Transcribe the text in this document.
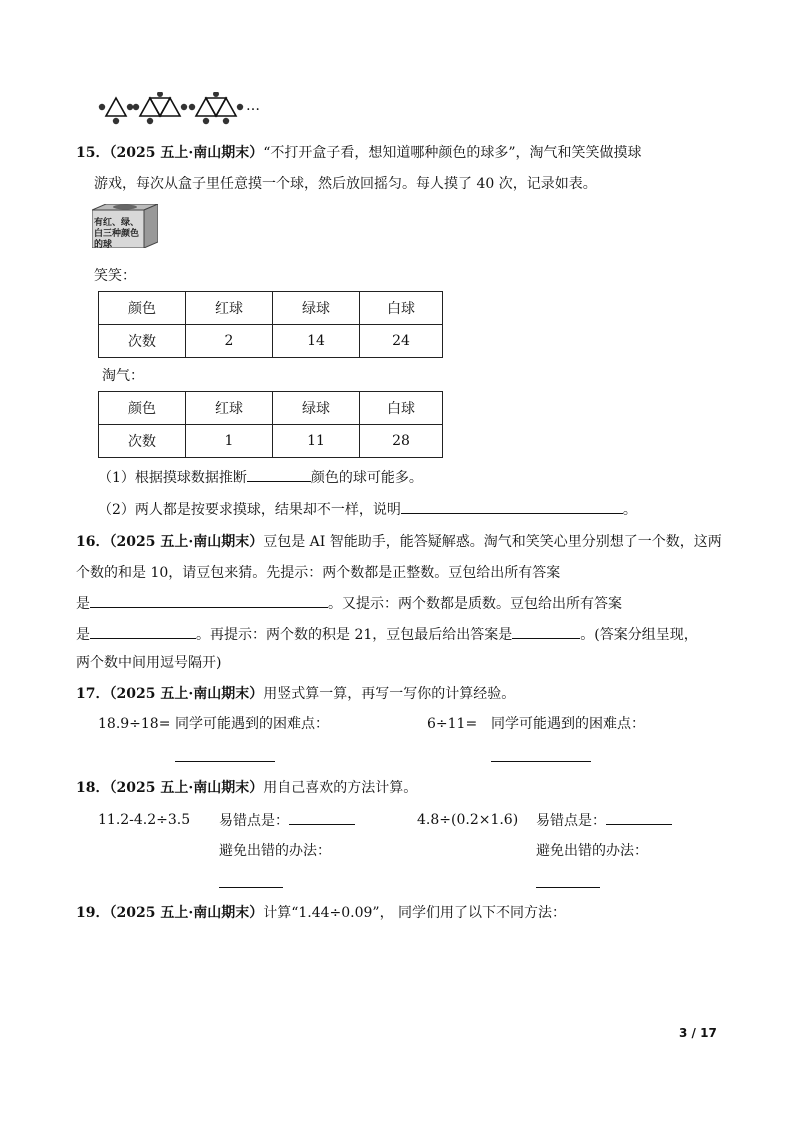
…
15．（2025 五上·南山期末）“不打开盒子看，想知道哪种颜色的球多”，淘气和笑笑做摸球
游戏，每次从盒子里任意摸一个球，然后放回摇匀。每人摸了 40 次，记录如表。
有红、绿、白三种颜色的球
笑笑：
颜色	红球	绿球	白球
次数	2	14	24
淘气：
颜色	红球	绿球	白球
次数	1	11	28
（1）根据摸球数据推断	颜色的球可能多。
（2）两人都是按要求摸球，结果却不一样，说明	。
16．（2025 五上·南山期末）豆包是 AI 智能助手，能答疑解惑。淘气和笑笑心里分别想了一个数，这两
个数的和是 10，请豆包来猜。先提示：两个数都是正整数。豆包给出所有答案
是	。又提示：两个数都是质数。豆包给出所有答案
是	。再提示：两个数的积是 21，豆包最后给出答案是	。(答案分组呈现，
两个数中间用逗号隔开)
17．（2025 五上·南山期末）用竖式算一算，再写一写你的计算经验。
18.9÷18= 同学可能遇到的困难点：	6÷11= 同学可能遇到的困难点：
18．（2025 五上·南山期末）用自己喜欢的方法计算。
11.2-4.2÷3.5 易错点是：	4.8÷(0.2×1.6) 易错点是：
避免出错的办法：	避免出错的办法：
19．（2025 五上·南山期末）计算“1.44÷0.09”， 同学们用了以下不同方法：
3 / 17
